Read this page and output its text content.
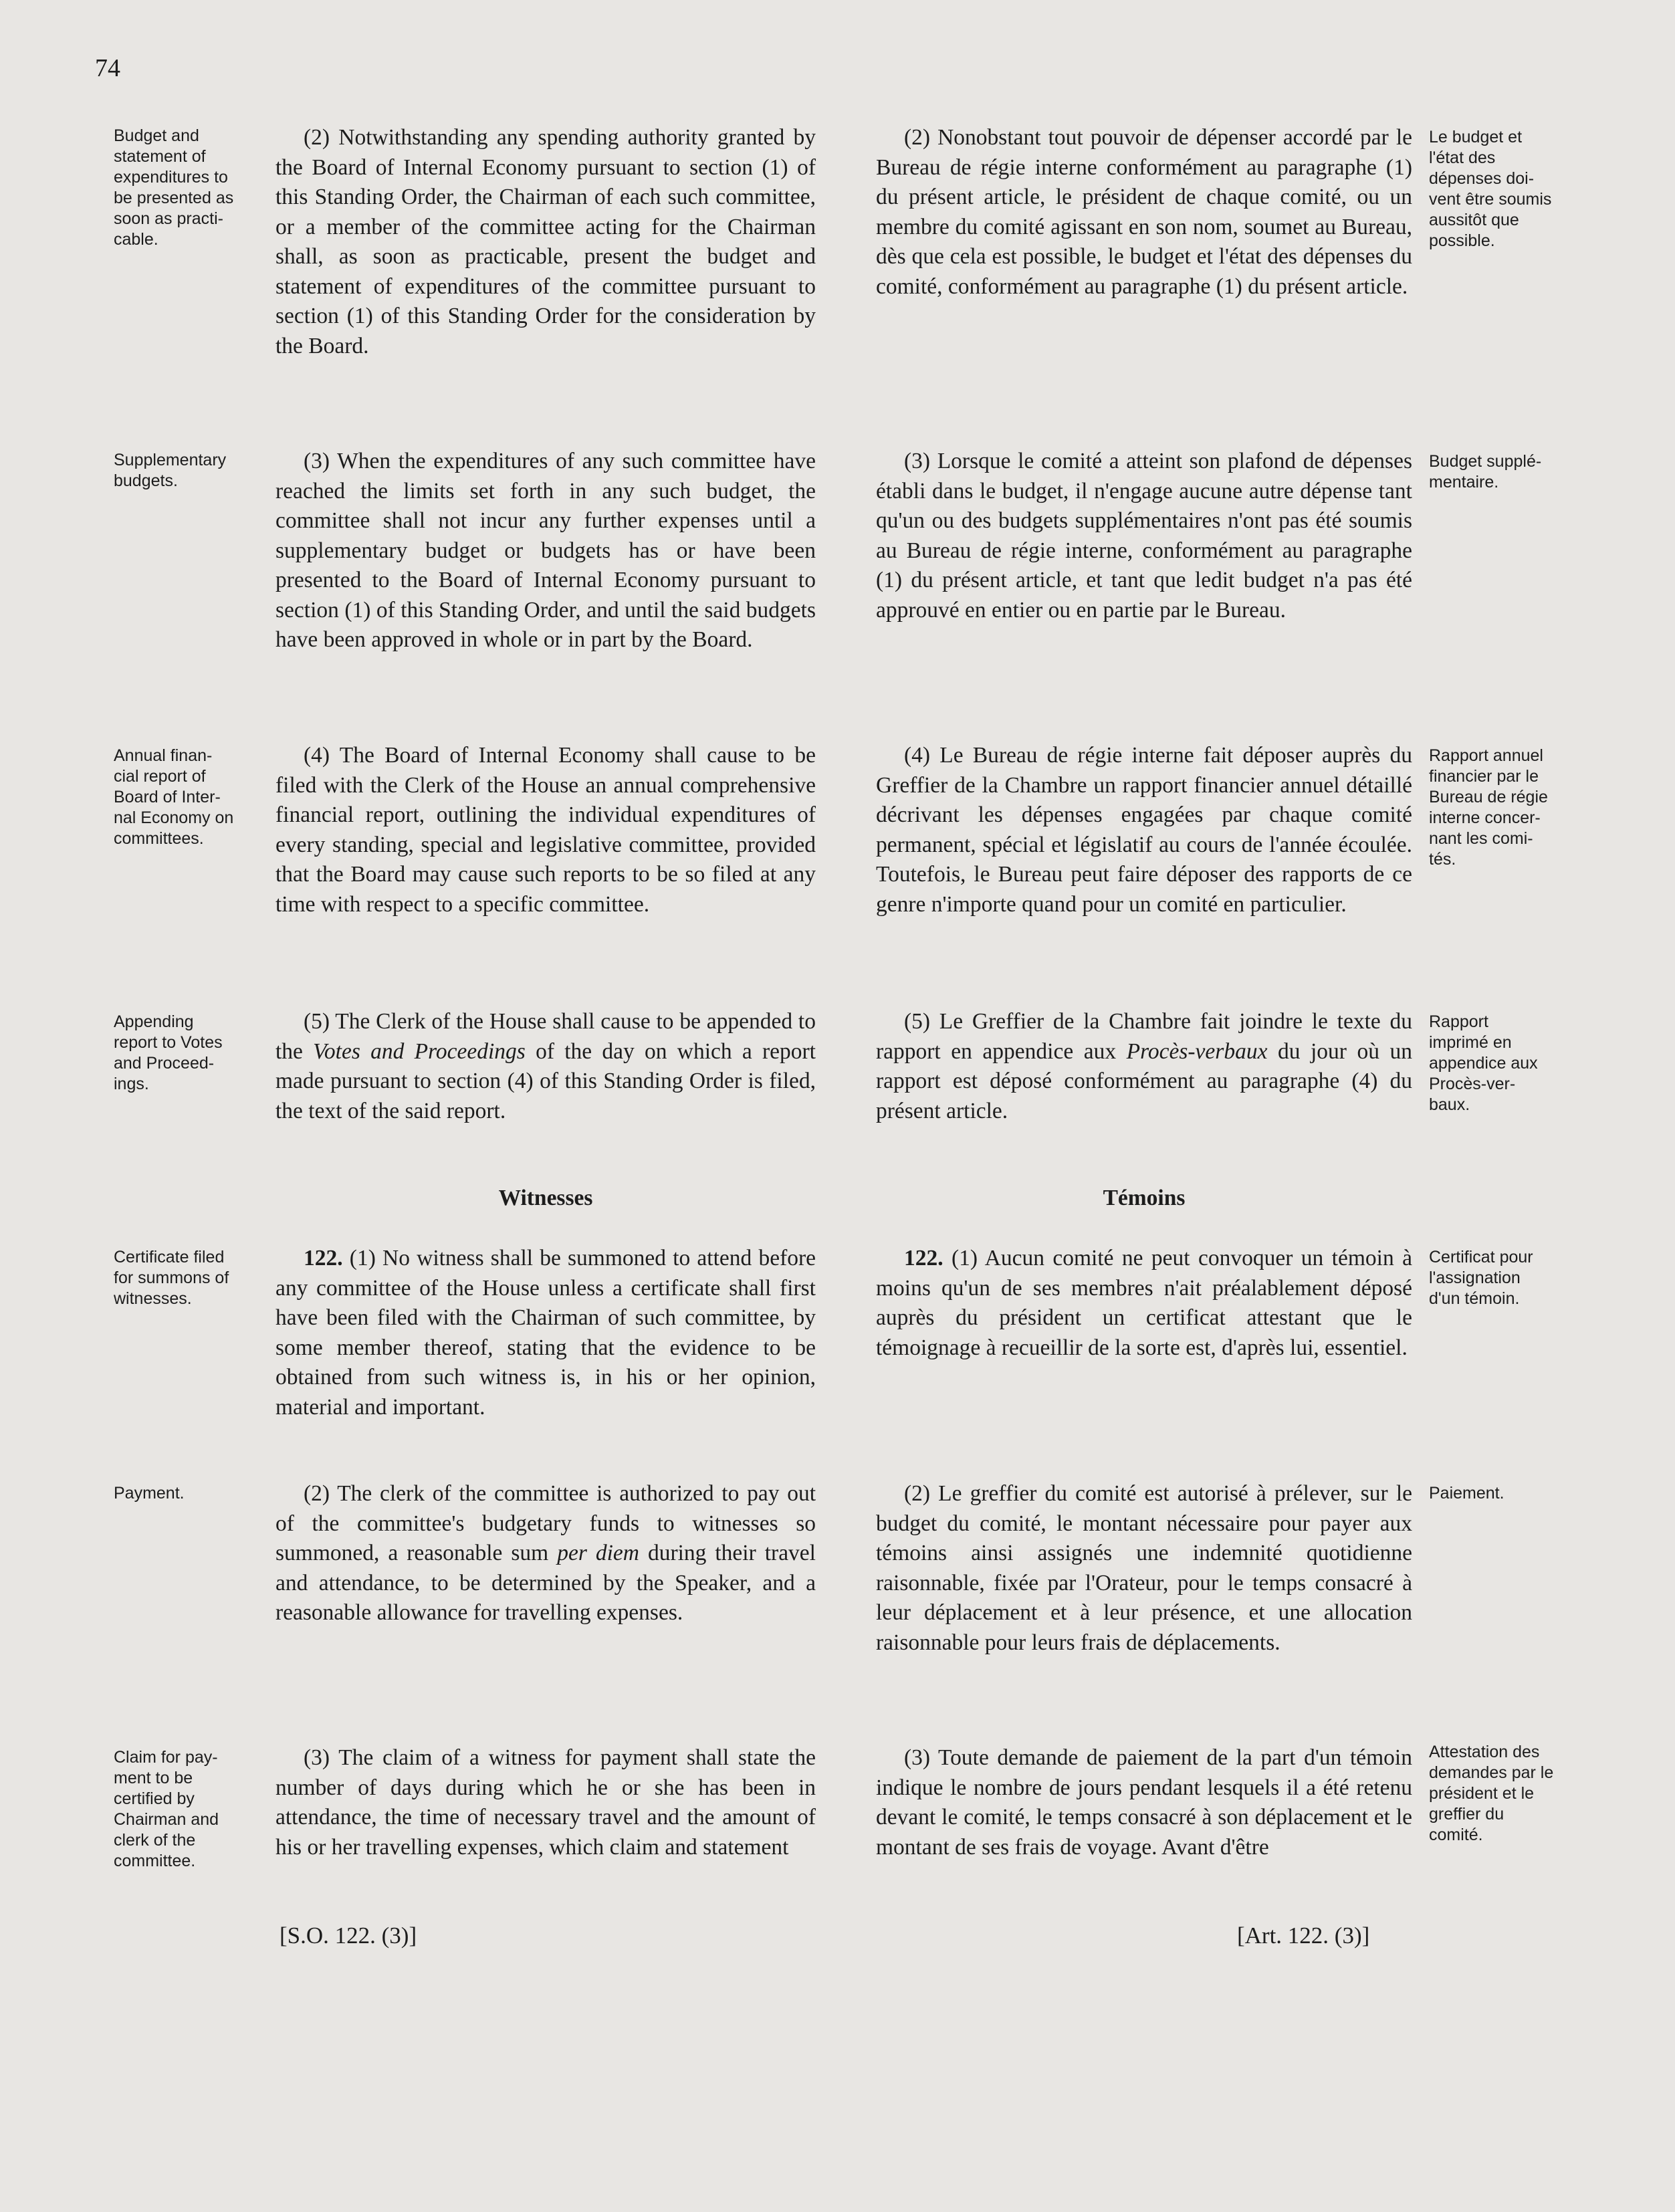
74
Budget and
statement of
expenditures to
be presented as
soon as practi-
cable.
Supplementary
budgets.
Annual finan-
cial report of
Board of Inter-
nal Economy on
committees.
Appending
report to Votes
and Proceed-
ings.
Certificate filed
for summons of
witnesses.
Payment.
Claim for pay-
ment to be
certified by
Chairman and
clerk of the
committee.
Le budget et
l'état des
dépenses doi-
vent être soumis
aussitôt que
possible.
Budget supplé-
mentaire.
Rapport annuel
financier par le
Bureau de régie
interne concer-
nant les comi-
tés.
Rapport
imprimé en
appendice aux
Procès-ver-
baux.
Certificat pour
l'assignation
d'un témoin.
Paiement.
Attestation des
demandes par le
président et le
greffier du
comité.

(2) Notwithstanding any spending authority granted by the Board of Internal Economy pursuant to section (1) of this Standing Order, the Chairman of each such committee, or a member of the committee acting for the Chairman shall, as soon as practicable, present the budget and statement of expenditures of the committee pursuant to section (1) of this Standing Order for the consideration by the Board.

(3) When the expenditures of any such committee have reached the limits set forth in any such budget, the committee shall not incur any further expenses until a supplementary budget or budgets has or have been presented to the Board of Internal Economy pursuant to section (1) of this Standing Order, and until the said budgets have been approved in whole or in part by the Board.

(4) The Board of Internal Economy shall cause to be filed with the Clerk of the House an annual comprehensive financial report, outlining the individual expenditures of every standing, special and legislative committee, provided that the Board may cause such reports to be so filed at any time with respect to a specific committee.

(5) The Clerk of the House shall cause to be appended to the Votes and Proceedings of the day on which a report made pursuant to section (4) of this Standing Order is filed, the text of the said report.

Witnesses

122. (1) No witness shall be summoned to attend before any committee of the House unless a certificate shall first have been filed with the Chairman of such committee, by some member thereof, stating that the evidence to be obtained from such witness is, in his or her opinion, material and important.

(2) The clerk of the committee is authorized to pay out of the committee's budgetary funds to witnesses so summoned, a reasonable sum per diem during their travel and attendance, to be determined by the Speaker, and a reasonable allowance for travelling expenses.

(3) The claim of a witness for payment shall state the number of days during which he or she has been in attendance, the time of necessary travel and the amount of his or her travelling expenses, which claim and statement

[S.O. 122. (3)]

(2) Nonobstant tout pouvoir de dépenser accordé par le Bureau de régie interne conformément au paragraphe (1) du présent article, le président de chaque comité, ou un membre du comité agissant en son nom, soumet au Bureau, dès que cela est possible, le budget et l'état des dépenses du comité, conformément au paragraphe (1) du présent article.

(3) Lorsque le comité a atteint son plafond de dépenses établi dans le budget, il n'engage aucune autre dépense tant qu'un ou des budgets supplémentaires n'ont pas été soumis au Bureau de régie interne, conformément au paragraphe (1) du présent article, et tant que ledit budget n'a pas été approuvé en entier ou en partie par le Bureau.

(4) Le Bureau de régie interne fait déposer auprès du Greffier de la Chambre un rapport financier annuel détaillé décrivant les dépenses engagées par chaque comité permanent, spécial et législatif au cours de l'année écoulée. Toutefois, le Bureau peut faire déposer des rapports de ce genre n'importe quand pour un comité en particulier.

(5) Le Greffier de la Chambre fait joindre le texte du rapport en appendice aux Procès-verbaux du jour où un rapport est déposé conformément au paragraphe (4) du présent article.

Témoins

122. (1) Aucun comité ne peut convoquer un témoin à moins qu'un de ses membres n'ait préalablement déposé auprès du président un certificat attestant que le témoignage à recueillir de la sorte est, d'après lui, essentiel.

(2) Le greffier du comité est autorisé à prélever, sur le budget du comité, le montant nécessaire pour payer aux témoins ainsi assignés une indemnité quotidienne raisonnable, fixée par l'Orateur, pour le temps consacré à leur déplacement et à leur présence, et une allocation raisonnable pour leurs frais de déplacements.

(3) Toute demande de paiement de la part d'un témoin indique le nombre de jours pendant lesquels il a été retenu devant le comité, le temps consacré à son déplacement et le montant de ses frais de voyage. Avant d'être

[Art. 122. (3)]
